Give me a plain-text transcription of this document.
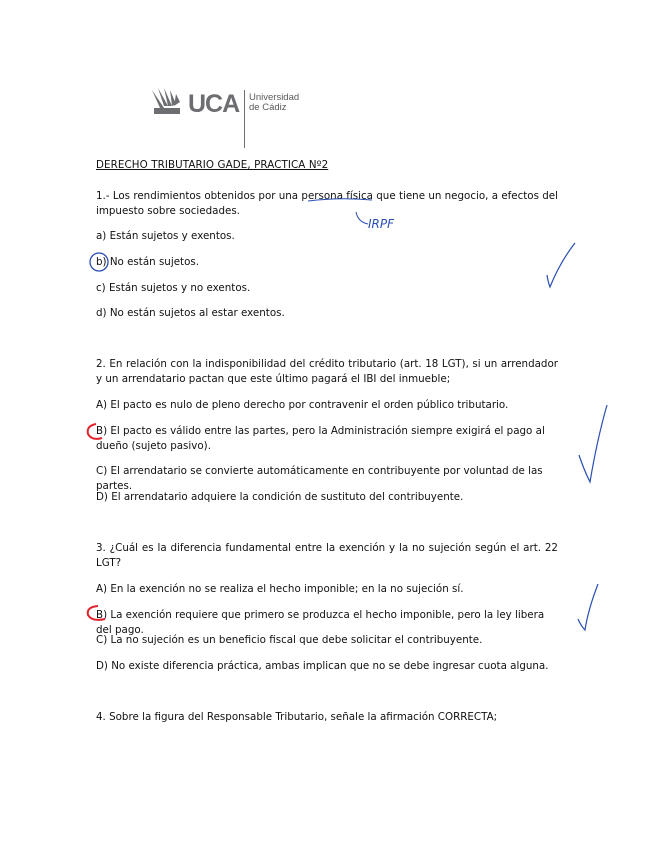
UCA Universidad
de Cádiz
DERECHO TRIBUTARIO GADE, PRACTICA Nº2
1.- Los rendimientos obtenidos por una persona física que tiene un negocio, a efectos del impuesto sobre sociedades.
a) Están sujetos y exentos.
b) No están sujetos.
c) Están sujetos y no exentos.
d) No están sujetos al estar exentos.
2. En relación con la indisponibilidad del crédito tributario (art. 18 LGT), si un arrendador y un arrendatario pactan que este último pagará el IBI del inmueble;
A) El pacto es nulo de pleno derecho por contravenir el orden público tributario.
B) El pacto es válido entre las partes, pero la Administración siempre exigirá el pago al dueño (sujeto pasivo).
C) El arrendatario se convierte automáticamente en contribuyente por voluntad de las partes.
D) El arrendatario adquiere la condición de sustituto del contribuyente.
3. ¿Cuál es la diferencia fundamental entre la exención y la no sujeción según el art. 22 LGT?
A) En la exención no se realiza el hecho imponible; en la no sujeción sí.
B) La exención requiere que primero se produzca el hecho imponible, pero la ley libera del pago.
C) La no sujeción es un beneficio fiscal que debe solicitar el contribuyente.
D) No existe diferencia práctica, ambas implican que no se debe ingresar cuota alguna.
4. Sobre la figura del Responsable Tributario, señale la afirmación CORRECTA;
IRPF
